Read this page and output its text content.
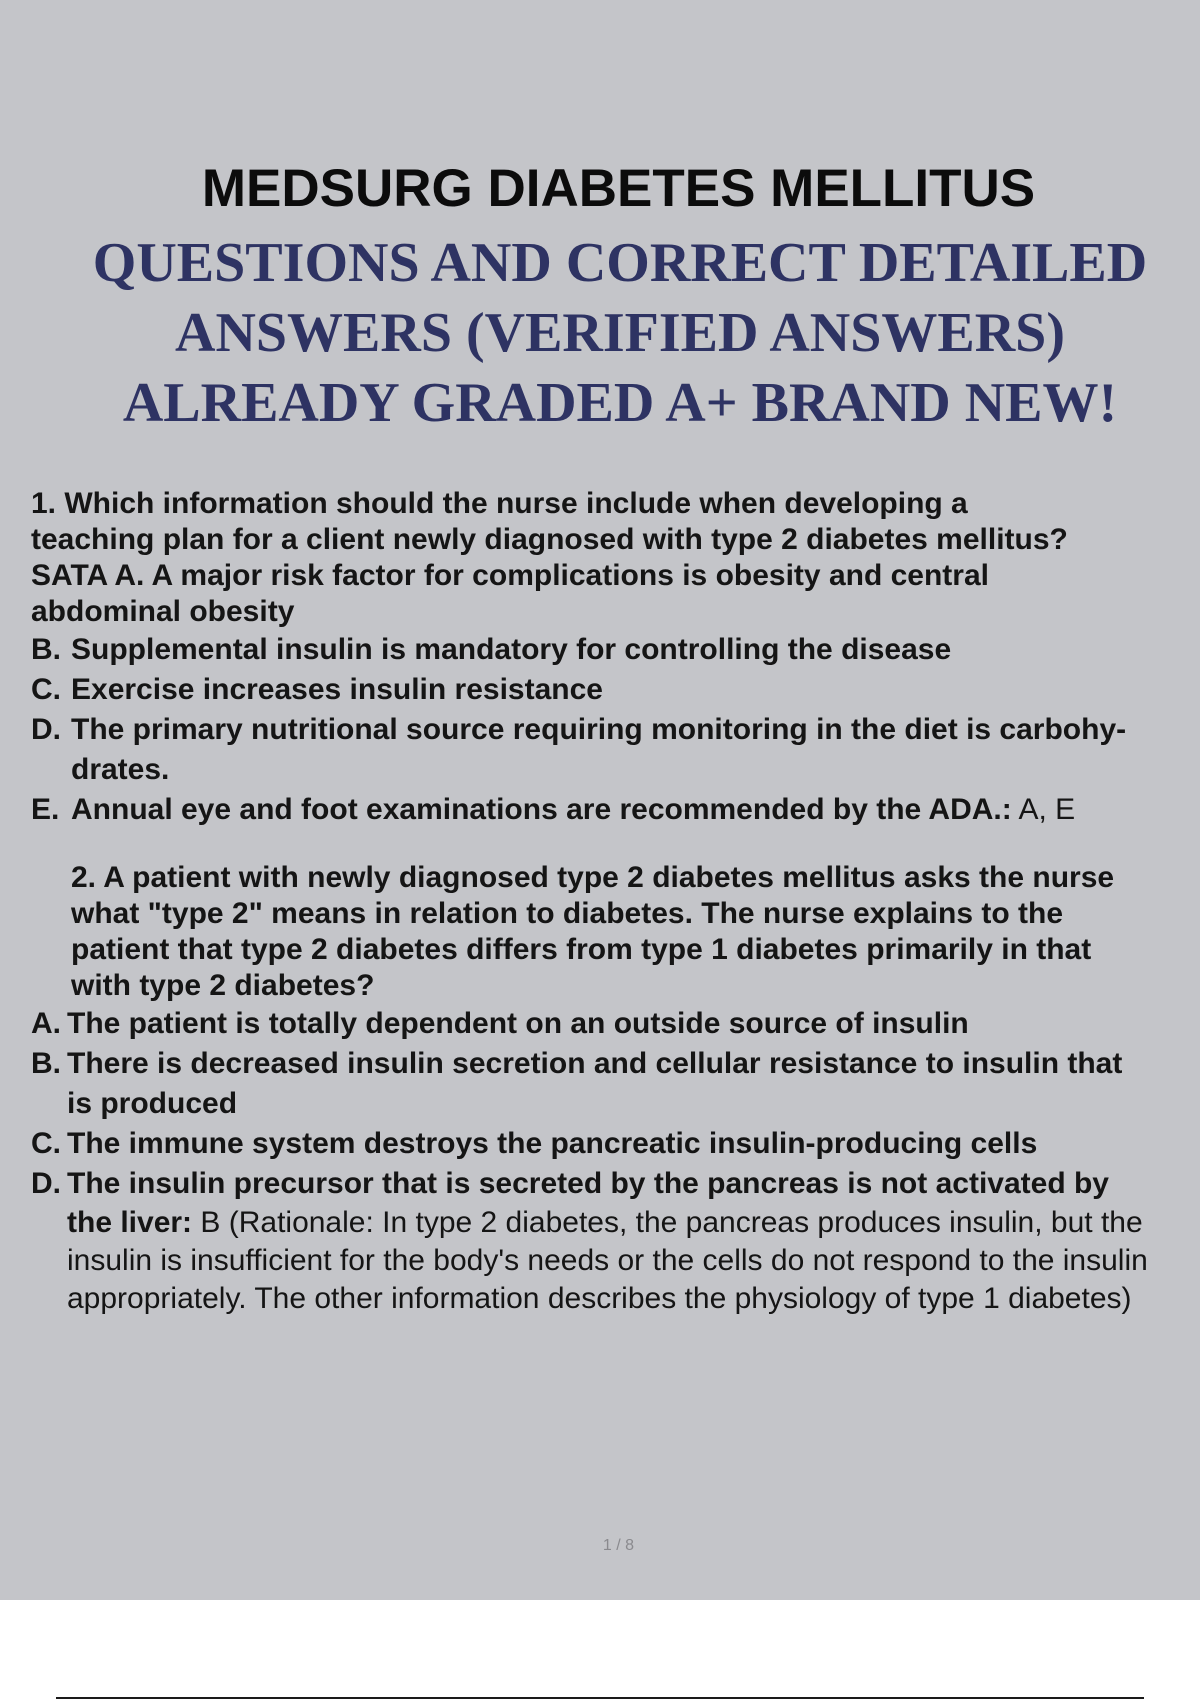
MEDSURG DIABETES MELLITUS
QUESTIONS AND CORRECT DETAILED
ANSWERS (VERIFIED ANSWERS)
ALREADY GRADED A+ BRAND NEW!
1. Which information should the nurse include when developing a
teaching plan for a client newly diagnosed with type 2 diabetes mellitus?
SATA A. A major risk factor for complications is obesity and central
abdominal obesity
B. Supplemental insulin is mandatory for controlling the disease
C. Exercise increases insulin resistance
D. The primary nutritional source requiring monitoring in the diet is carbohy-
drates.
E. Annual eye and foot examinations are recommended by the ADA.: A, E
2. A patient with newly diagnosed type 2 diabetes mellitus asks the nurse
what "type 2" means in relation to diabetes. The nurse explains to the
patient that type 2 diabetes differs from type 1 diabetes primarily in that
with type 2 diabetes?
A. The patient is totally dependent on an outside source of insulin
B. There is decreased insulin secretion and cellular resistance to insulin that
is produced
C. The immune system destroys the pancreatic insulin-producing cells
D. The insulin precursor that is secreted by the pancreas is not activated by
the liver: B (Rationale: In type 2 diabetes, the pancreas produces insulin, but the
insulin is insufficient for the body's needs or the cells do not respond to the insulin
appropriately. The other information describes the physiology of type 1 diabetes)
1 / 8
